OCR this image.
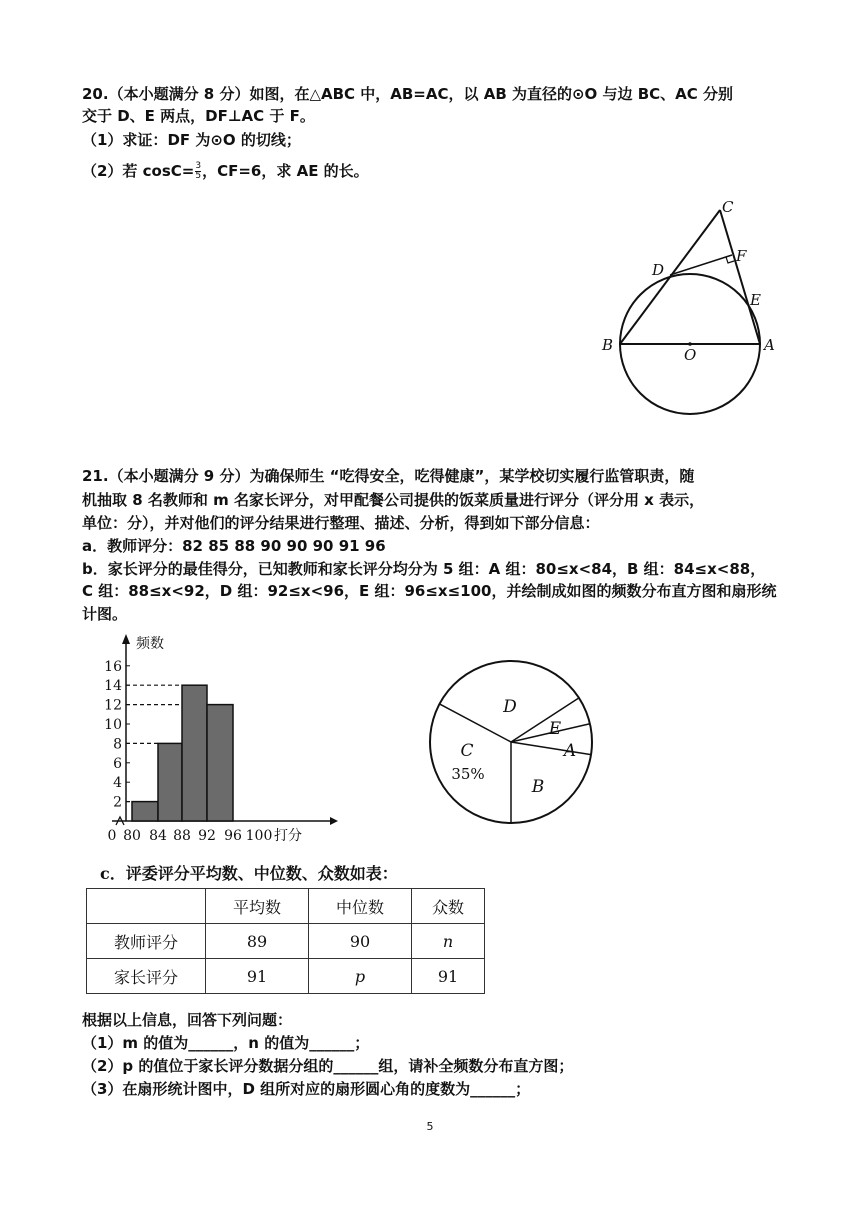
20.（本小题满分 8 分）如图，在△ABC 中，AB=AC，以 AB 为直径的⊙O 与边 BC、AC 分别
交于 D、E 两点，DF⊥AC 于 F。
（1）求证：DF 为⊙O 的切线；
（2）若 $\cos C= \frac{3}{5}$ ，CF=6，求 AE 的长。
C
F
D
E
B
O
A
21.（本小题满分 9 分）为确保师生 “吃得安全，吃得健康”，某学校切实履行监管职责，随
机抽取 8 名教师和 m 名家长评分，对甲配餐公司提供的饭菜质量进行评分（评分用 x 表示，
单位：分），并对他们的评分结果进行整理、描述、分析，得到如下部分信息：
a．教师评分：82 85 88 90 90 90 91 96
b．家长评分的最佳得分，已知教师和家长评分均分为 5 组：A 组：80≤x<84，B 组：84≤x<88，
C 组：88≤x<92，D 组：92≤x<96，E 组：96≤x≤100，并绘制成如图的频数分布直方图和扇形统
计图。
2
4
6
8
10
12
14
16
0 80 84 88 92 96 100
频数
打分
D
E
A
B
C
35%
c．评委评分平均数、中位数、众数如表：
	平均数	中位数	众数
教师评分	89	90	n
家长评分	91	p	91
根据以上信息，回答下列问题：
（1）m 的值为______，n 的值为______；
（2）p 的值位于家长评分数据分组的______组，请补全频数分布直方图；
（3）在扇形统计图中，D 组所对应的扇形圆心角的度数为______；
5
